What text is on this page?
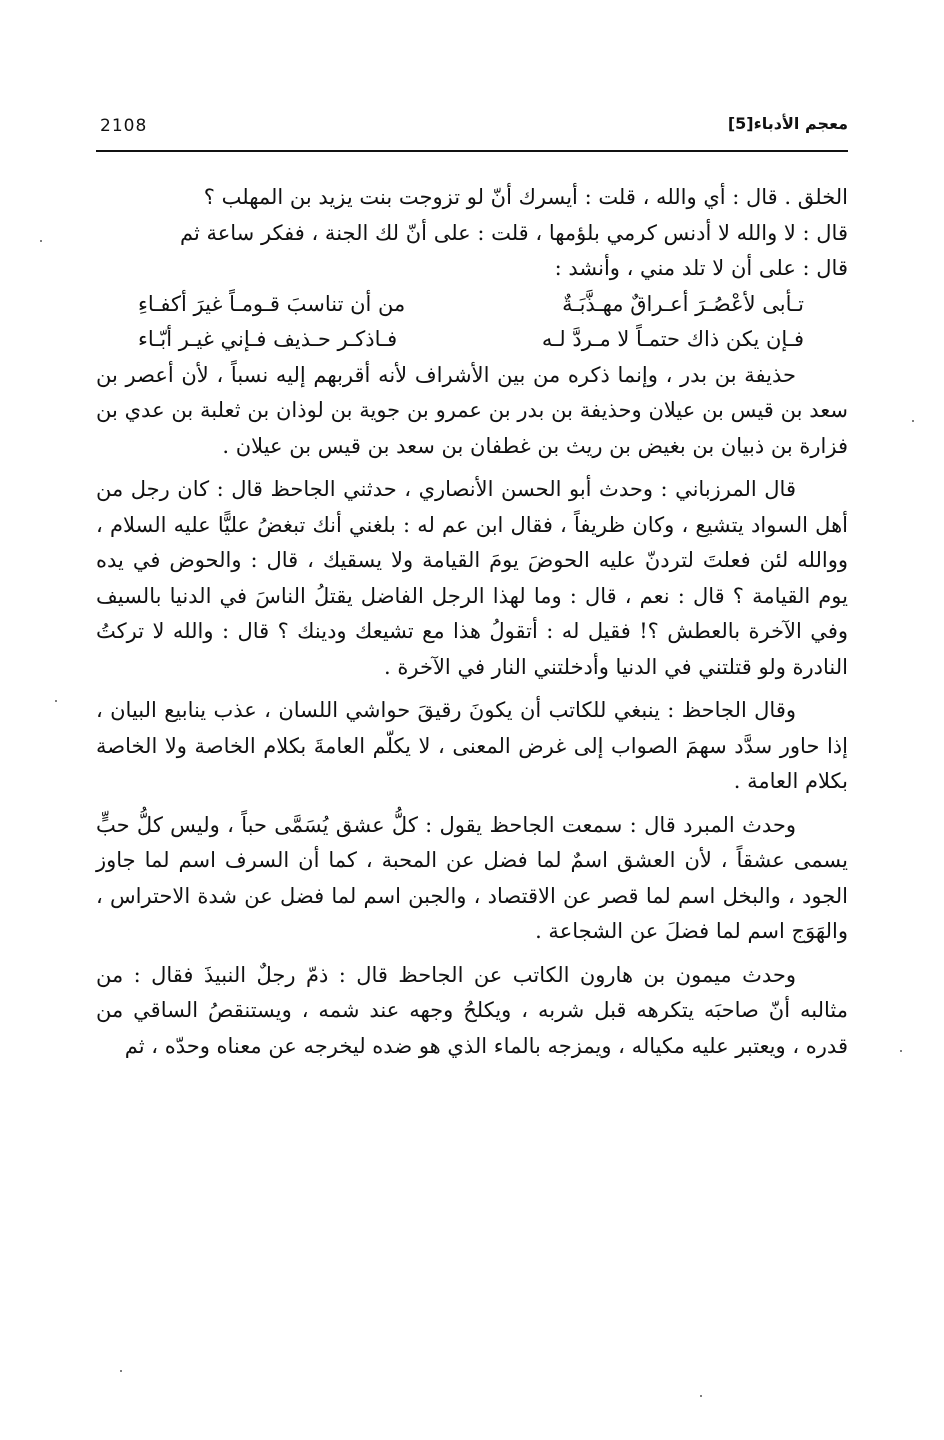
2108	معجم الأدباء[5]

الخلق . قال : أي والله ، قلت : أيسرك أنّ لو تزوجت بنت يزيد بن المهلب ؟
قال : لا والله لا أدنس كرمي بلؤمها ، قلت : على أنّ لك الجنة ، ففكر ساعة ثم
قال : على أن لا تلد مني ، وأنشد :

تـأبى لأعْصُـرَ أعـراقٌ مهـذَّبَـةٌ
من أن تناسبَ قـومـاً غيرَ أكفـاءِ
فـإن يكن ذاك حتمـاً لا مـردَّ لـه
فـاذكـر حـذيف فـإني غيـر أبّـاء

حذيفة بن بدر ، وإنما ذكره من بين الأشراف لأنه أقربهم إليه نسباً ، لأن أعصر بن سعد بن قيس بن عيلان وحذيفة بن بدر بن عمرو بن جوية بن لوذان بن ثعلبة بن عدي بن فزارة بن ذبيان بن بغيض بن ريث بن غطفان بن سعد بن قيس بن عيلان .

قال المرزباني : وحدث أبو الحسن الأنصاري ، حدثني الجاحظ قال : كان رجل من أهل السواد يتشيع ، وكان ظريفاً ، فقال ابن عم له : بلغني أنك تبغضُ عليًّا عليه السلام ، ووالله لئن فعلتَ لتردنّ عليه الحوضَ يومَ القيامة ولا يسقيك ، قال : والحوض في يده يوم القيامة ؟ قال : نعم ، قال : وما لهذا الرجل الفاضل يقتلُ الناسَ في الدنيا بالسيف وفي الآخرة بالعطش ؟! فقيل له : أتقولُ هذا مع تشيعك ودينك ؟ قال : والله لا تركتُ النادرة ولو قتلتني في الدنيا وأدخلتني النار في الآخرة .

وقال الجاحظ : ينبغي للكاتب أن يكونَ رقيقَ حواشي اللسان ، عذب ينابيع البيان ، إذا حاور سدَّد سهمَ الصواب إلى غرض المعنى ، لا يكلّم العامةَ بكلام الخاصة ولا الخاصة بكلام العامة .

وحدث المبرد قال : سمعت الجاحظ يقول : كلُّ عشق يُسَمَّى حباً ، وليس كلُّ حبٍّ يسمى عشقاً ، لأن العشق اسمٌ لما فضل عن المحبة ، كما أن السرف اسم لما جاوز الجود ، والبخل اسم لما قصر عن الاقتصاد ، والجبن اسم لما فضل عن شدة الاحتراس ، والهَوَج اسم لما فضلَ عن الشجاعة .

وحدث ميمون بن هارون الكاتب عن الجاحظ قال : ذمّ رجلٌ النبيذَ فقال : من مثالبه أنّ صاحبَه يتكرهه قبل شربه ، ويكلحُ وجهه عند شمه ، ويستنقصُ الساقي من قدره ، ويعتبر عليه مكياله ، ويمزجه بالماء الذي هو ضده ليخرجه عن معناه وحدّه ، ثم
